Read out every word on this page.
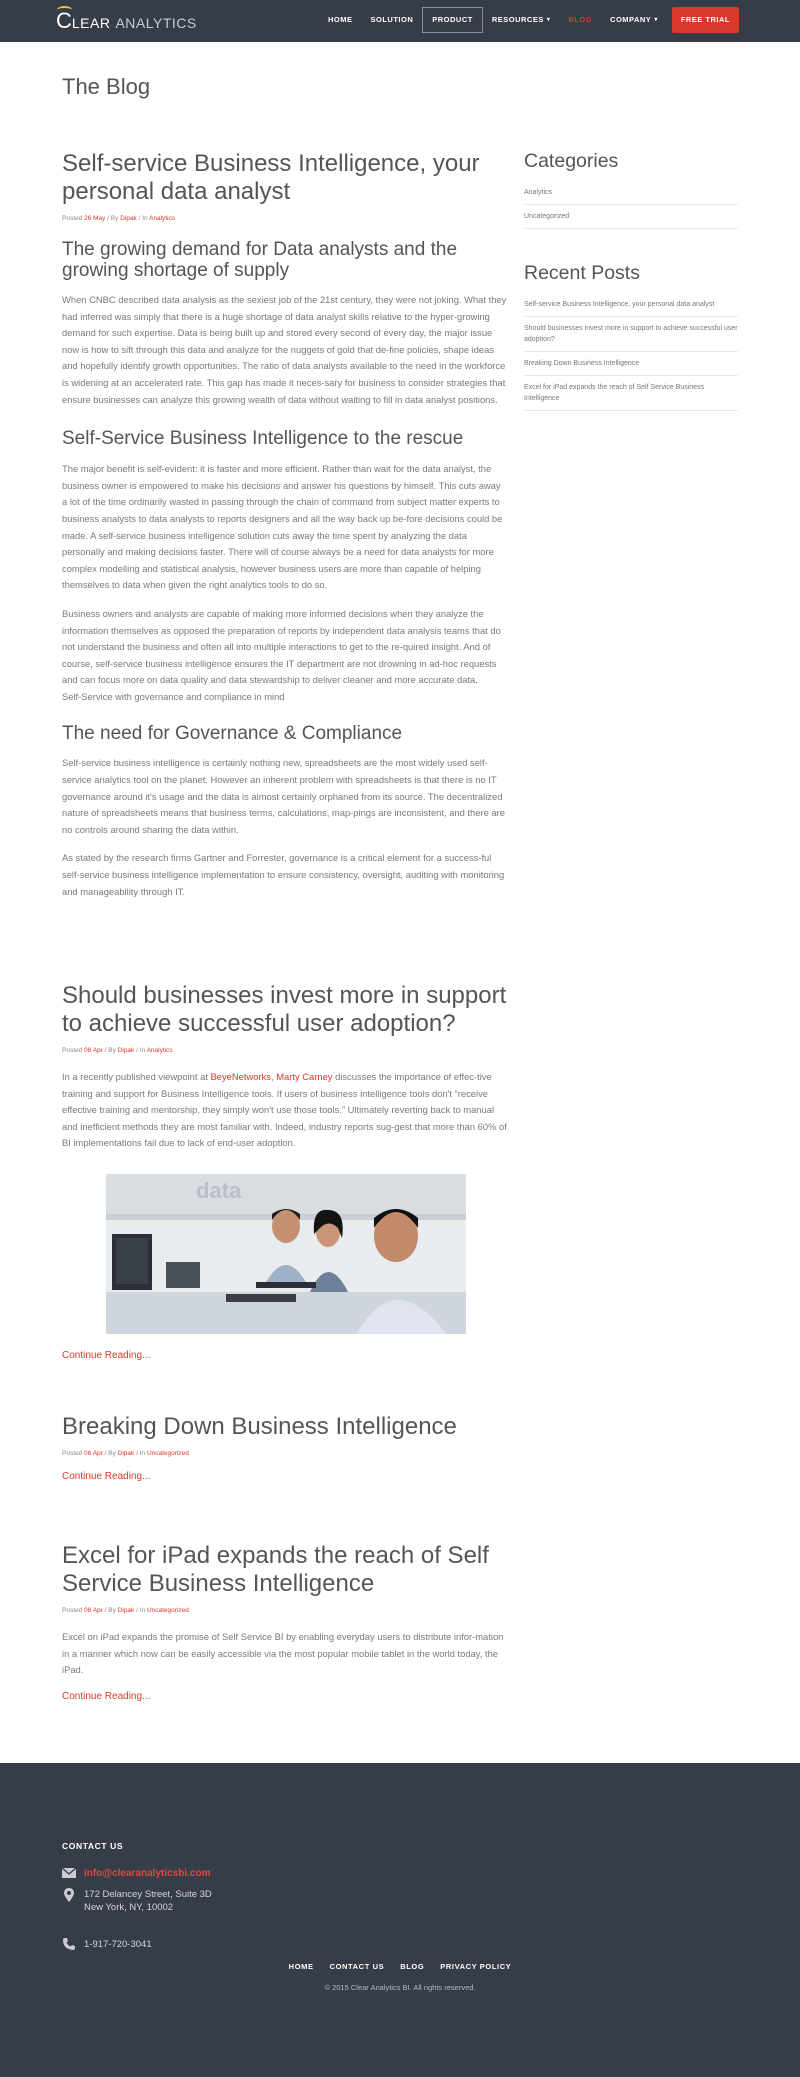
C LEAR ANALYTICS	HOME SOLUTION	PRODUCT	RESOURCES ▾ BLOG COMPANY ▾	FREE TRIAL
The Blog
Self-service Business Intelligence, your personal data analyst
Posted 26 May / By Dipak / In Analytics
The growing demand for Data analysts and the growing shortage of supply

When CNBC described data analysis as the sexiest job of the 21st century, they were not joking. What they had inferred was simply that there is a huge shortage of data analyst skills relative to the hyper-growing demand for such expertise. Data is being built up and stored every second of every day, the major issue now is how to sift through this data and analyze for the nuggets of gold that de-fine policies, shape ideas and hopefully identify growth opportunities. The ratio of data analysts available to the need in the workforce is widening at an accelerated rate. This gap has made it neces-sary for business to consider strategies that ensure businesses can analyze this growing wealth of data without waiting to fill in data analyst positions.

Self-Service Business Intelligence to the rescue

The major benefit is self-evident: it is faster and more efficient. Rather than wait for the data analyst, the business owner is empowered to make his decisions and answer his questions by himself. This cuts away a lot of the time ordinarily wasted in passing through the chain of command from subject matter experts to business analysts to data analysts to reports designers and all the way back up be-fore decisions could be made. A self-service business intelligence solution cuts away the time spent by analyzing the data personally and making decisions faster. There will of course always be a need for data analysts for more complex modelling and statistical analysis, however business users are more than capable of helping themselves to data when given the right analytics tools to do so.

Business owners and analysts are capable of making more informed decisions when they analyze the information themselves as opposed the preparation of reports by independent data analysis teams that do not understand the business and often all into multiple interactions to get to the re-quired insight. And of course, self-service business intelligence ensures the IT department are not drowning in ad-hoc requests and can focus more on data quality and data stewardship to deliver cleaner and more accurate data.

Self-Service with governance and compliance in mind

The need for Governance & Compliance

Self-service business intelligence is certainly nothing new, spreadsheets are the most widely used self-service analytics tool on the planet. However an inherent problem with spreadsheets is that there is no IT governance around it's usage and the data is almost certainly orphaned from its source. The decentralized nature of spreadsheets means that business terms, calculations, map-pings are inconsistent, and there are no controls around sharing the data within.

As stated by the research firms Gartner and Forrester, governance is a critical element for a success-ful self-service business intelligence implementation to ensure consistency, oversight, auditing with monitoring and manageability through IT.

Should businesses invest more in support to achieve successful user adoption?
Posted 08 Apr / By Dipak / In Analytics

In a recently published viewpoint at BeyeNetworks, Marty Carney discusses the importance of effec-tive training and support for Business Intelligence tools. If users of business intelligence tools don't “receive effective training and mentorship, they simply won't use those tools.” Ultimately reverting back to manual and inefficient methods they are most familiar with. Indeed, industry reports sug-gest that more than 60% of BI implementations fail due to lack of end-user adoption.

data
Continue Reading...
Breaking Down Business Intelligence
Posted 08 Apr / By Dipak / In Uncategorized
Continue Reading...
Excel for iPad expands the reach of Self Service Business Intelligence
Posted 08 Apr / By Dipak / In Uncategorized

Excel on iPad expands the promise of Self Service BI by enabling everyday users to distribute infor-mation in a manner which now can be easily accessible via the most popular mobile tablet in the world today, the iPad.

Continue Reading...
Categories
Analytics
Uncategorized
Recent Posts
Self-service Business Intelligence, your personal data analyst
Should businesses invest more in support to achieve successful user adoption?
Breaking Down Business Intelligence
Excel for iPad expands the reach of Self Service Business Intelligence
CONTACT US
info@clearanalyticsbi.com
172 Delancey Street, Suite 3D
New York, NY, 10002
1-917-720-3041
HOME CONTACT US BLOG PRIVACY POLICY
© 2015 Clear Analytics BI. All rights reserved.
